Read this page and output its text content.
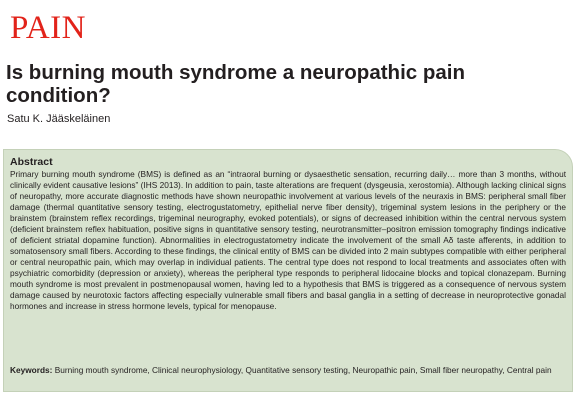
PAIN
Is burning mouth syndrome a neuropathic pain condition?
Satu K. Jääskeläinen
Abstract

Primary burning mouth syndrome (BMS) is defined as an “intraoral burning or dysaesthetic sensation, recurring daily… more than 3 months, without clinically evident causative lesions” (IHS 2013). In addition to pain, taste alterations are frequent (dysgeusia, xerostomia). Although lacking clinical signs of neuropathy, more accurate diagnostic methods have shown neuropathic involvement at various levels of the neuraxis in BMS: peripheral small fiber damage (thermal quantitative sensory testing, electrogustatometry, epithelial nerve fiber density), trigeminal system lesions in the periphery or the brainstem (brainstem reflex recordings, trigeminal neurography, evoked potentials), or signs of decreased inhibition within the central nervous system (deficient brainstem reflex habituation, positive signs in quantitative sensory testing, neurotransmitter–positron emission tomography findings indicative of deficient striatal dopamine function). Abnormalities in electrogustatometry indicate the involvement of the small Aδ taste afferents, in addition to somatosensory small fibers. According to these findings, the clinical entity of BMS can be divided into 2 main subtypes compatible with either peripheral or central neuropathic pain, which may overlap in individual patients. The central type does not respond to local treatments and associates often with psychiatric comorbidity (depression or anxiety), whereas the peripheral type responds to peripheral lidocaine blocks and topical clonazepam. Burning mouth syndrome is most prevalent in postmenopausal women, having led to a hypothesis that BMS is triggered as a consequence of nervous system damage caused by neurotoxic factors affecting especially vulnerable small fibers and basal ganglia in a setting of decrease in neuroprotective gonadal hormones and increase in stress hormone levels, typical for menopause.

Keywords: Burning mouth syndrome, Clinical neurophysiology, Quantitative sensory testing, Neuropathic pain, Small fiber neuropathy, Central pain
